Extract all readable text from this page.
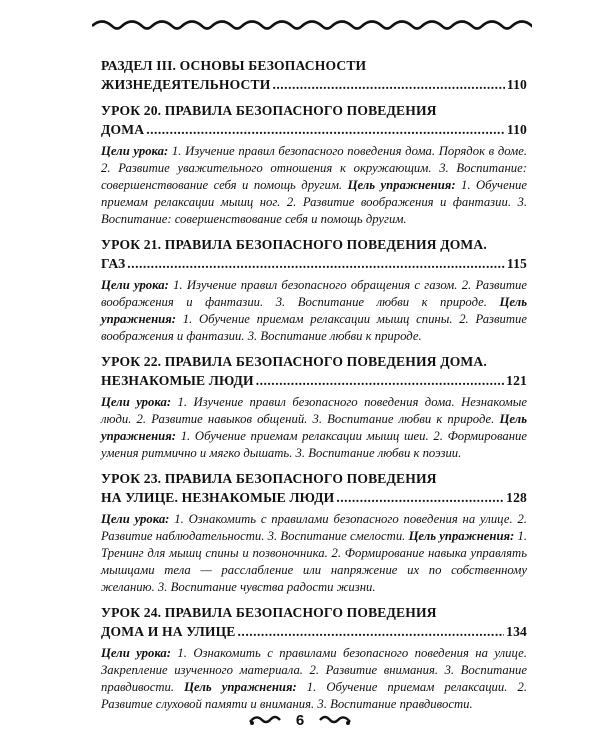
РАЗДЕЛ III. ОСНОВЫ БЕЗОПАСНОСТИ
ЖИЗНЕДЕЯТЕЛЬНОСТИ .....	110
УРОК 20. ПРАВИЛА БЕЗОПАСНОГО ПОВЕДЕНИЯ
ДОМА .....	110

Цели урока: 1. Изучение правил безопасного поведения дома. Порядок в доме. 2. Развитие уважительного отношения к окружающим. 3. Воспитание: совершенствование себя и помощь другим. Цель упражнения: 1. Обучение приемам релаксации мышц ног. 2. Развитие воображения и фантазии. 3. Воспитание: совершенствование себя и помощь другим.

УРОК 21. ПРАВИЛА БЕЗОПАСНОГО ПОВЕДЕНИЯ ДОМА.
ГАЗ .....	115

Цели урока: 1. Изучение правил безопасного обращения с газом. 2. Развитие воображения и фантазии. 3. Воспитание любви к природе. Цель упражнения: 1. Обучение приемам релаксации мышц спины. 2. Развитие воображения и фантазии. 3. Воспитание любви к природе.

УРОК 22. ПРАВИЛА БЕЗОПАСНОГО ПОВЕДЕНИЯ ДОМА.
НЕЗНАКОМЫЕ ЛЮДИ .....	121

Цели урока: 1. Изучение правил безопасного поведения дома. Незнакомые люди. 2. Развитие навыков общений. 3. Воспитание любви к природе. Цель упражнения: 1. Обучение приемам релаксации мышц шеи. 2. Формирование умения ритмично и мягко дышать. 3. Воспитание любви к поэзии.

УРОК 23. ПРАВИЛА БЕЗОПАСНОГО ПОВЕДЕНИЯ
НА УЛИЦЕ. НЕЗНАКОМЫЕ ЛЮДИ .....	128

Цели урока: 1. Ознакомить с правилами безопасного поведения на улице. 2. Развитие наблюдательности. 3. Воспитание смелости. Цель упражнения: 1. Тренинг для мышц спины и позвоночника. 2. Формирование навыка управлять мышцами тела — расслабление или напряжение их по собственному желанию. 3. Воспитание чувства радости жизни.

УРОК 24. ПРАВИЛА БЕЗОПАСНОГО ПОВЕДЕНИЯ
ДОМА И НА УЛИЦЕ .....	134

Цели урока: 1. Ознакомить с правилами безопасного поведения на улице. Закрепление изученного материала. 2. Развитие внимания. 3. Воспитание правдивости. Цель упражнения: 1. Обучение приемам релаксации. 2. Развитие слуховой памяти и внимания. 3. Воспитание правдивости.

6
